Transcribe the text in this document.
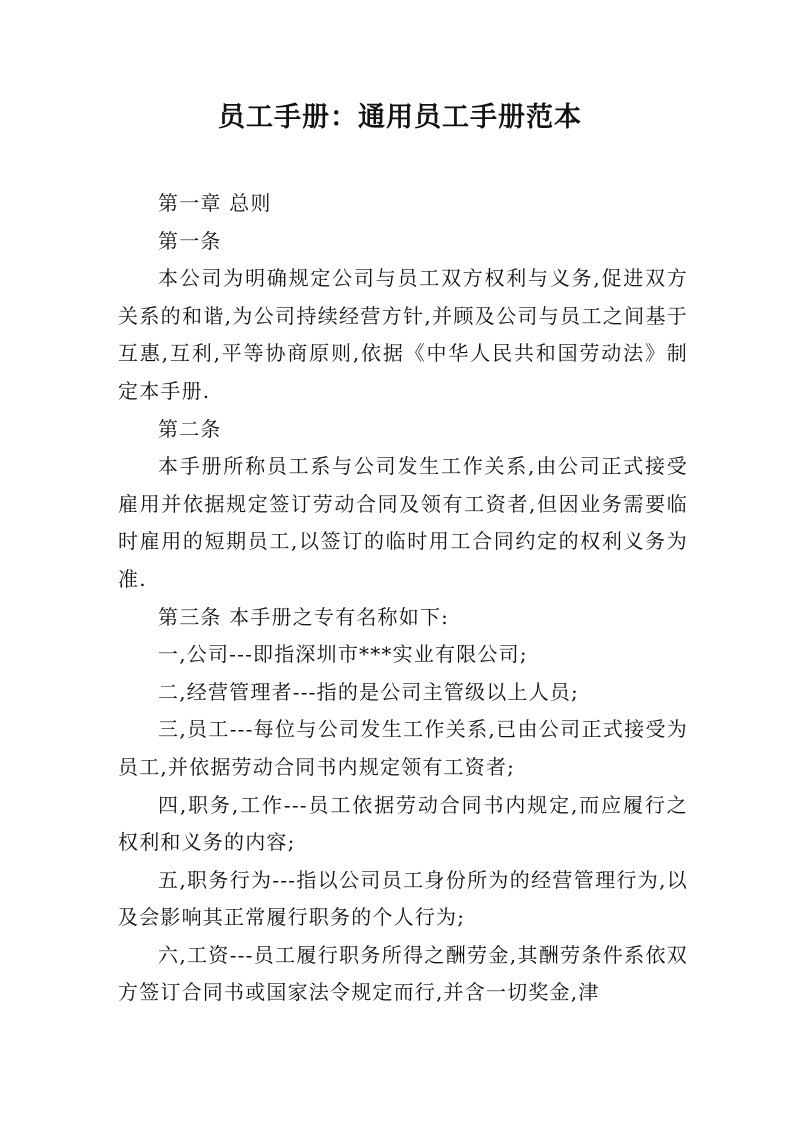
员工手册：通用员工手册范本

第一章 总则

第一条

本公司为明确规定公司与员工双方权利与义务,促进双方关系的和谐,为公司持续经营方针,并顾及公司与员工之间基于互惠,互利,平等协商原则,依据《中华人民共和国劳动法》制定本手册.

第二条

本手册所称员工系与公司发生工作关系,由公司正式接受雇用并依据规定签订劳动合同及领有工资者,但因业务需要临时雇用的短期员工,以签订的临时用工合同约定的权利义务为准.

第三条 本手册之专有名称如下:

一,公司---即指深圳市***实业有限公司;

二,经营管理者---指的是公司主管级以上人员;

三,员工---每位与公司发生工作关系,已由公司正式接受为员工,并依据劳动合同书内规定领有工资者;

四,职务,工作---员工依据劳动合同书内规定,而应履行之权利和义务的内容;

五,职务行为---指以公司员工身份所为的经营管理行为,以及会影响其正常履行职务的个人行为;

六,工资---员工履行职务所得之酬劳金,其酬劳条件系依双方签订合同书或国家法令规定而行,并含一切奖金,津
